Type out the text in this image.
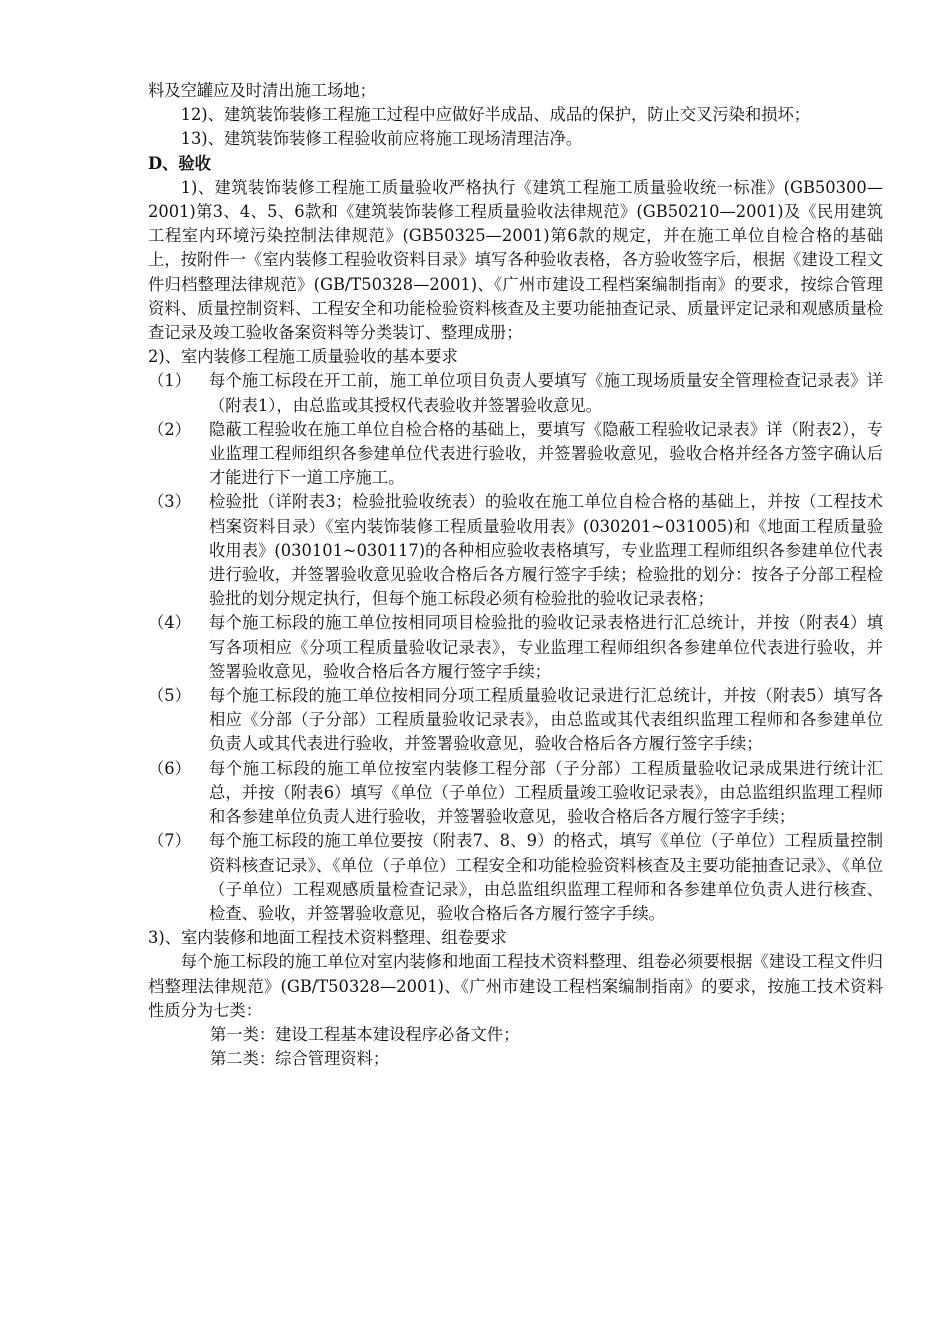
料及空罐应及时清出施工场地；

12)、建筑装饰装修工程施工过程中应做好半成品、成品的保护，防止交叉污染和损坏；

13)、建筑装饰装修工程验收前应将施工现场清理洁净。

D、验收

1)、建筑装饰装修工程施工质量验收严格执行《建筑工程施工质量验收统一标准》(GB50300—2001)第3、4、5、6款和《建筑装饰装修工程质量验收法律规范》(GB50210—2001)及《民用建筑工程室内环境污染控制法律规范》(GB50325—2001)第6款的规定，并在施工单位自检合格的基础上，按附件一《室内装修工程验收资料目录》填写各种验收表格，各方验收签字后，根据《建设工程文件归档整理法律规范》(GB/T50328—2001)、《广州市建设工程档案编制指南》的要求，按综合管理资料、质量控制资料、工程安全和功能检验资料核查及主要功能抽查记录、质量评定记录和观感质量检查记录及竣工验收备案资料等分类装订、整理成册；

2)、室内装修工程施工质量验收的基本要求

（1）	每个施工标段在开工前，施工单位项目负责人要填写《施工现场质量安全管理检查记录表》详（附表1），由总监或其授权代表验收并签署验收意见。
（2）	隐蔽工程验收在施工单位自检合格的基础上，要填写《隐蔽工程验收记录表》详（附表2），专业监理工程师组织各参建单位代表进行验收，并签署验收意见，验收合格并经各方签字确认后才能进行下一道工序施工。
（3）	检验批（详附表3；检验批验收统表）的验收在施工单位自检合格的基础上，并按（工程技术档案资料目录）《室内装饰装修工程质量验收用表》(030201~031005)和《地面工程质量验收用表》(030101~030117)的各种相应验收表格填写，专业监理工程师组织各参建单位代表进行验收，并签署验收意见验收合格后各方履行签字手续；检验批的划分：按各子分部工程检验批的划分规定执行，但每个施工标段必须有检验批的验收记录表格；
（4）	每个施工标段的施工单位按相同项目检验批的验收记录表格进行汇总统计，并按（附表4）填写各项相应《分项工程质量验收记录表》，专业监理工程师组织各参建单位代表进行验收，并签署验收意见，验收合格后各方履行签字手续；
（5）	每个施工标段的施工单位按相同分项工程质量验收记录进行汇总统计，并按（附表5）填写各相应《分部（子分部）工程质量验收记录表》，由总监或其代表组织监理工程师和各参建单位负责人或其代表进行验收，并签署验收意见，验收合格后各方履行签字手续；
（6）	每个施工标段的施工单位按室内装修工程分部（子分部）工程质量验收记录成果进行统计汇总，并按（附表6）填写《单位（子单位）工程质量竣工验收记录表》，由总监组织监理工程师和各参建单位负责人进行验收，并签署验收意见，验收合格后各方履行签字手续；
（7）	每个施工标段的施工单位要按（附表7、8、9）的格式，填写《单位（子单位）工程质量控制资料核查记录》、《单位（子单位）工程安全和功能检验资料核查及主要功能抽查记录》、《单位（子单位）工程观感质量检查记录》，由总监组织监理工程师和各参建单位负责人进行核查、检查、验收，并签署验收意见，验收合格后各方履行签字手续。

3)、室内装修和地面工程技术资料整理、组卷要求

每个施工标段的施工单位对室内装修和地面工程技术资料整理、组卷必须要根据《建设工程文件归档整理法律规范》(GB/T50328—2001)、《广州市建设工程档案编制指南》的要求，按施工技术资料性质分为七类：

第一类：建设工程基本建设程序必备文件；

第二类：综合管理资料；
